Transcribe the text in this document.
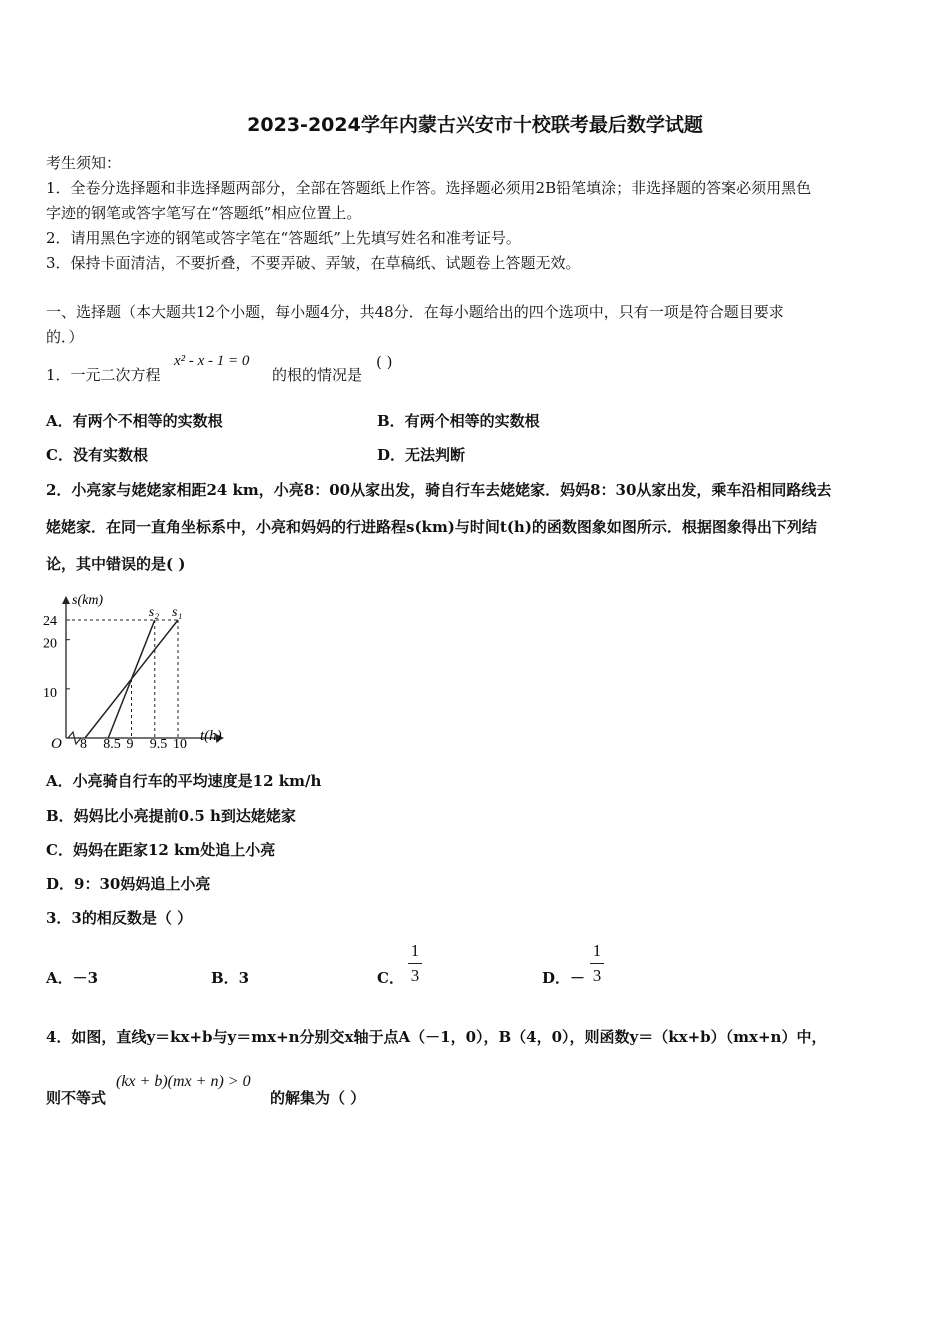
2023-2024学年内蒙古兴安市十校联考最后数学试题
考生须知：
1．全卷分选择题和非选择题两部分，全部在答题纸上作答。选择题必须用2B铅笔填涂；非选择题的答案必须用黑色
字迹的钢笔或答字笔写在“答题纸”相应位置上。
2．请用黑色字迹的钢笔或答字笔在“答题纸”上先填写姓名和准考证号。
3．保持卡面清洁，不要折叠，不要弄破、弄皱，在草稿纸、试题卷上答题无效。
一、选择题（本大题共12个小题，每小题4分，共48分．在每小题给出的四个选项中，只有一项是符合题目要求
的．）
1．一元二次方程
x² - x - 1 = 0
的根的情况是
( )
A．有两个不相等的实数根	B．有两个相等的实数根
C．没有实数根	D．无法判断
2．小亮家与姥姥家相距24 km，小亮8：00从家出发，骑自行车去姥姥家．妈妈8：30从家出发，乘车沿相同路线去
姥姥家．在同一直角坐标系中，小亮和妈妈的行进路程s(km)与时间t(h)的函数图象如图所示．根据图象得出下列结
论，其中错误的是( )
s(km)
t(h)
O 8 8.5 9 9.5 10
10
20
24
s₁
s₂
A．小亮骑自行车的平均速度是12 km/h
B．妈妈比小亮提前0.5 h到达姥姥家
C．妈妈在距家12 km处追上小亮
D．9：30妈妈追上小亮
3．3的相反数是（ ）
A．－3	B．3	C．
1
3	D．－
1
3
4．如图，直线y＝kx+b与y＝mx+n分别交x轴于点A（－1，0），B（4，0），则函数y＝（kx+b）（mx+n）中，
则不等式
(kx + b)(mx + n) > 0
的解集为（ ）
